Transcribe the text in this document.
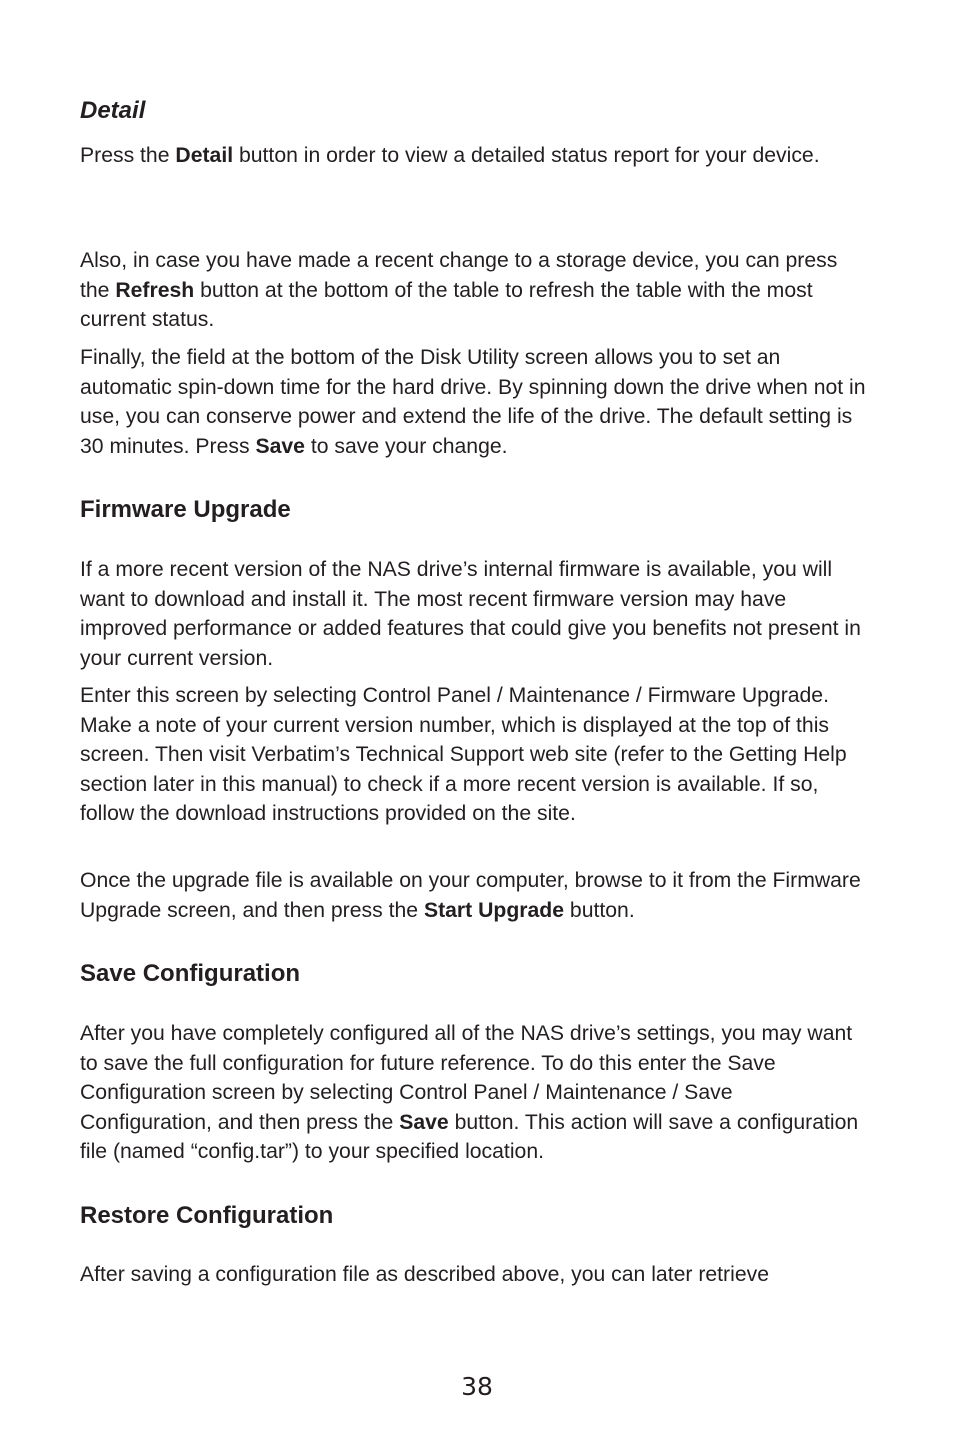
Detail

Press the Detail button in order to view a detailed status report for your device.

Also, in case you have made a recent change to a storage device, you can press the Refresh button at the bottom of the table to refresh the table with the most current status.

Finally, the field at the bottom of the Disk Utility screen allows you to set an automatic spin-down time for the hard drive. By spinning down the drive when not in use, you can conserve power and extend the life of the drive. The default setting is 30 minutes. Press Save to save your change.

Firmware Upgrade

If a more recent version of the NAS drive’s internal firmware is available, you will want to download and install it. The most recent firmware version may have improved performance or added features that could give you benefits not present in your current version.

Enter this screen by selecting Control Panel / Maintenance / Firmware Upgrade. Make a note of your current version number, which is displayed at the top of this screen. Then visit Verbatim’s Technical Support web site (refer to the Getting Help section later in this manual) to check if a more recent version is available. If so, follow the download instructions provided on the site.

Once the upgrade file is available on your computer, browse to it from the Firmware Upgrade screen, and then press the Start Upgrade button.

Save Configuration

After you have completely configured all of the NAS drive’s settings, you may want to save the full configuration for future reference. To do this enter the Save Configuration screen by selecting Control Panel / Maintenance / Save Configuration, and then press the Save button. This action will save a configuration file (named “config.tar”) to your specified location.

Restore Configuration

After saving a configuration file as described above, you can later retrieve

38
